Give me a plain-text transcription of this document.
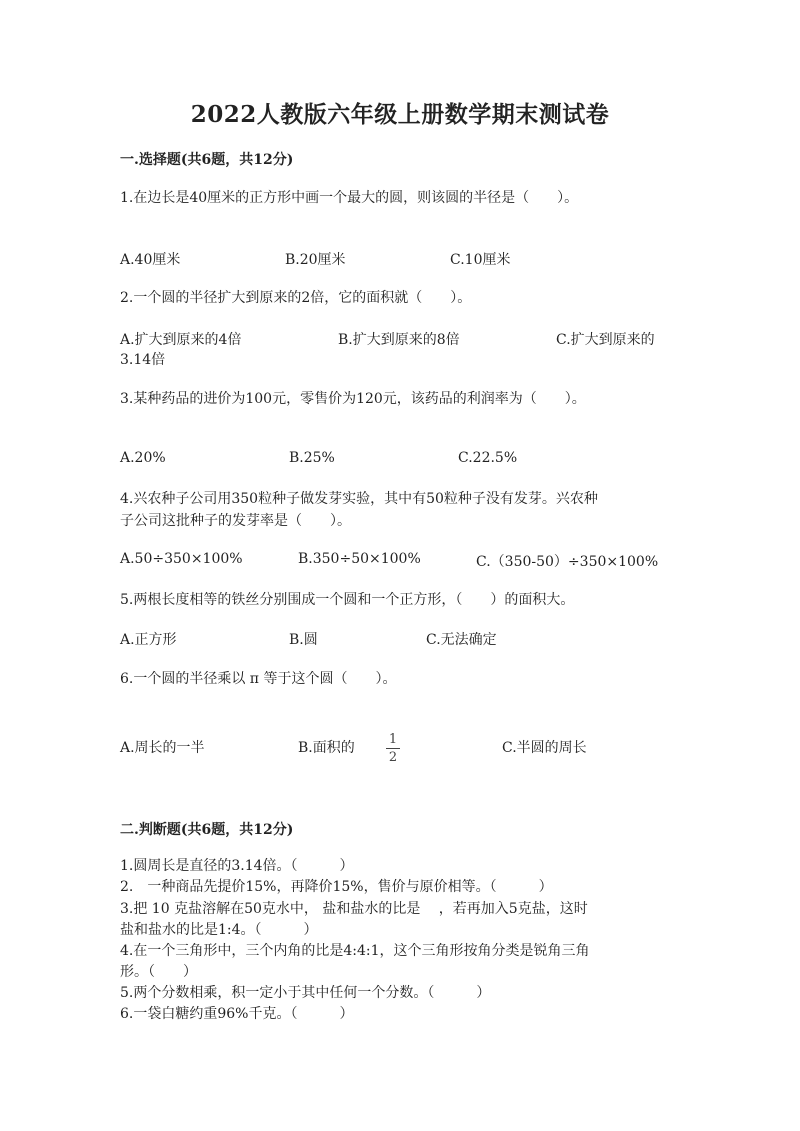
2022人教版六年级上册数学期末测试卷
一.选择题(共6题，共12分)
1.在边长是40厘米的正方形中画一个最大的圆，则该圆的半径是（　　）。
A.40厘米	B.20厘米	C.10厘米
2.一个圆的半径扩大到原来的2倍，它的面积就（　　）。
A.扩大到原来的4倍	B.扩大到原来的8倍	C.扩大到原来的
3.14倍
3.某种药品的进价为100元，零售价为120元，该药品的利润率为（　　）。
A.20%	B.25%	C.22.5%
4.兴农种子公司用350粒种子做发芽实验，其中有50粒种子没有发芽。兴农种
子公司这批种子的发芽率是（　　）。
A.50÷350×100%	B.350÷50×100%	C.（350-50）÷350×100%
5.两根长度相等的铁丝分别围成一个圆和一个正方形，（　　）的面积大。
A.正方形	B.圆	C.无法确定
6.一个圆的半径乘以 π 等于这个圆（　　）。
A.周长的一半	B.面积的
1
2
C.半圆的周长
二.判断题(共6题，共12分)
1.圆周长是直径的3.14倍。（　　　）
2.　一种商品先提价15%，再降价15%，售价与原价相等。（　　　）
3.把 10 克盐溶解在50克水中， 盐和盐水的比是　 ，若再加入5克盐，这时
盐和盐水的比是1:4。（　　　）
4.在一个三角形中，三个内角的比是4:4:1，这个三角形按角分类是锐角三角
形。（　　）
5.两个分数相乘，积一定小于其中任何一个分数。（　　　）
6.一袋白糖约重96%千克。（　　　）
